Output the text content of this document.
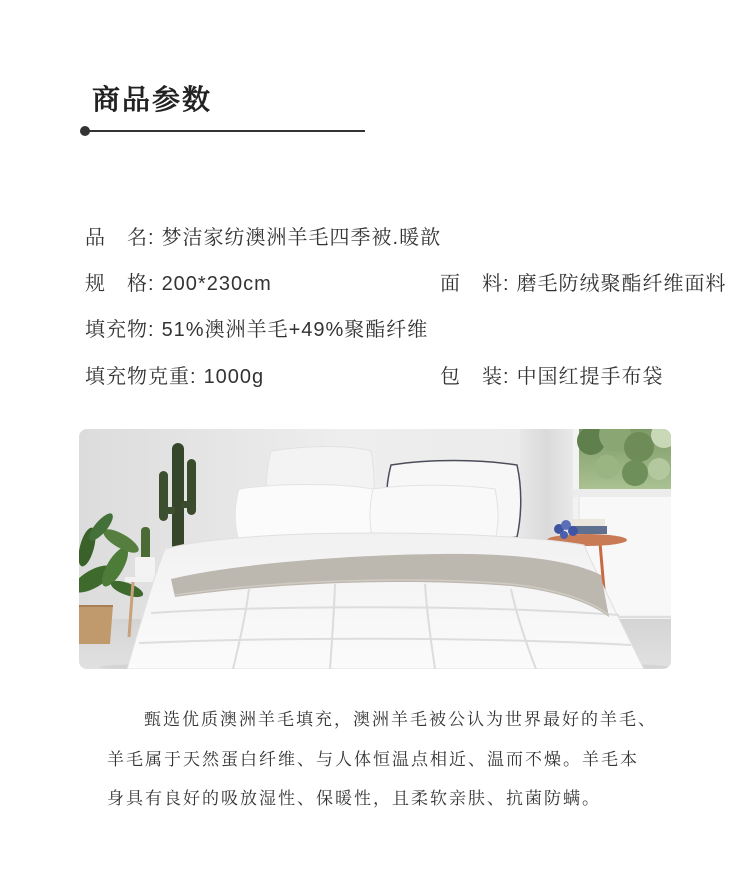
商品参数
品　名: 梦洁家纺澳洲羊毛四季被.暖歆
规　格: 200*230cm	面　料: 磨毛防绒聚酯纤维面料
填充物: 51%澳洲羊毛+49%聚酯纤维
填充物克重: 1000g	包　装: 中国红提手布袋
甄选优质澳洲羊毛填充，澳洲羊毛被公认为世界最好的羊毛、
羊毛属于天然蛋白纤维、与人体恒温点相近、温而不燥。羊毛本
身具有良好的吸放湿性、保暖性，且柔软亲肤、抗菌防螨。
